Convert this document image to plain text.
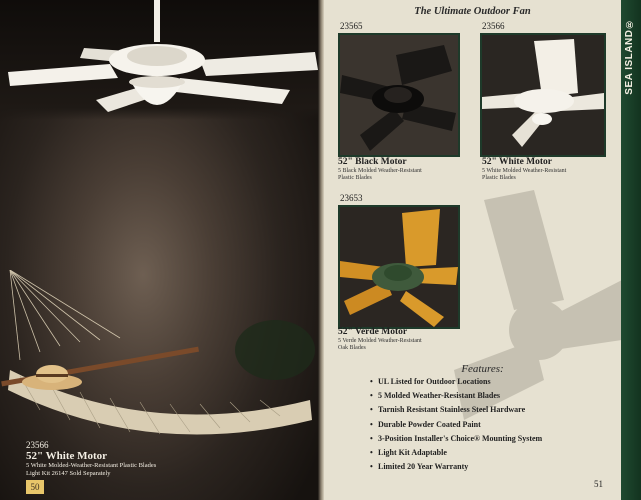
23566
52" White Motor
5 White Molded-Weather-Resistant Plastic Blades
Light Kit 26147 Sold Separately
50
The Ultimate Outdoor Fan
23565
52" Black Motor
5 Black Molded Weather-Resistant
Plastic Blades
23566
52" White Motor
5 White Molded Weather-Resistant
Plastic Blades
23653
52" Verde Motor
5 Verde Molded Weather-Resistant
Oak Blades
Features:
• UL Listed for Outdoor Locations
• 5 Molded Weather-Resistant Blades
• Tarnish Resistant Stainless Steel Hardware
• Durable Powder Coated Paint
• 3-Position Installer's Choice® Mounting System
• Light Kit Adaptable
• Limited 20 Year Warranty
51
SEA ISLAND®
